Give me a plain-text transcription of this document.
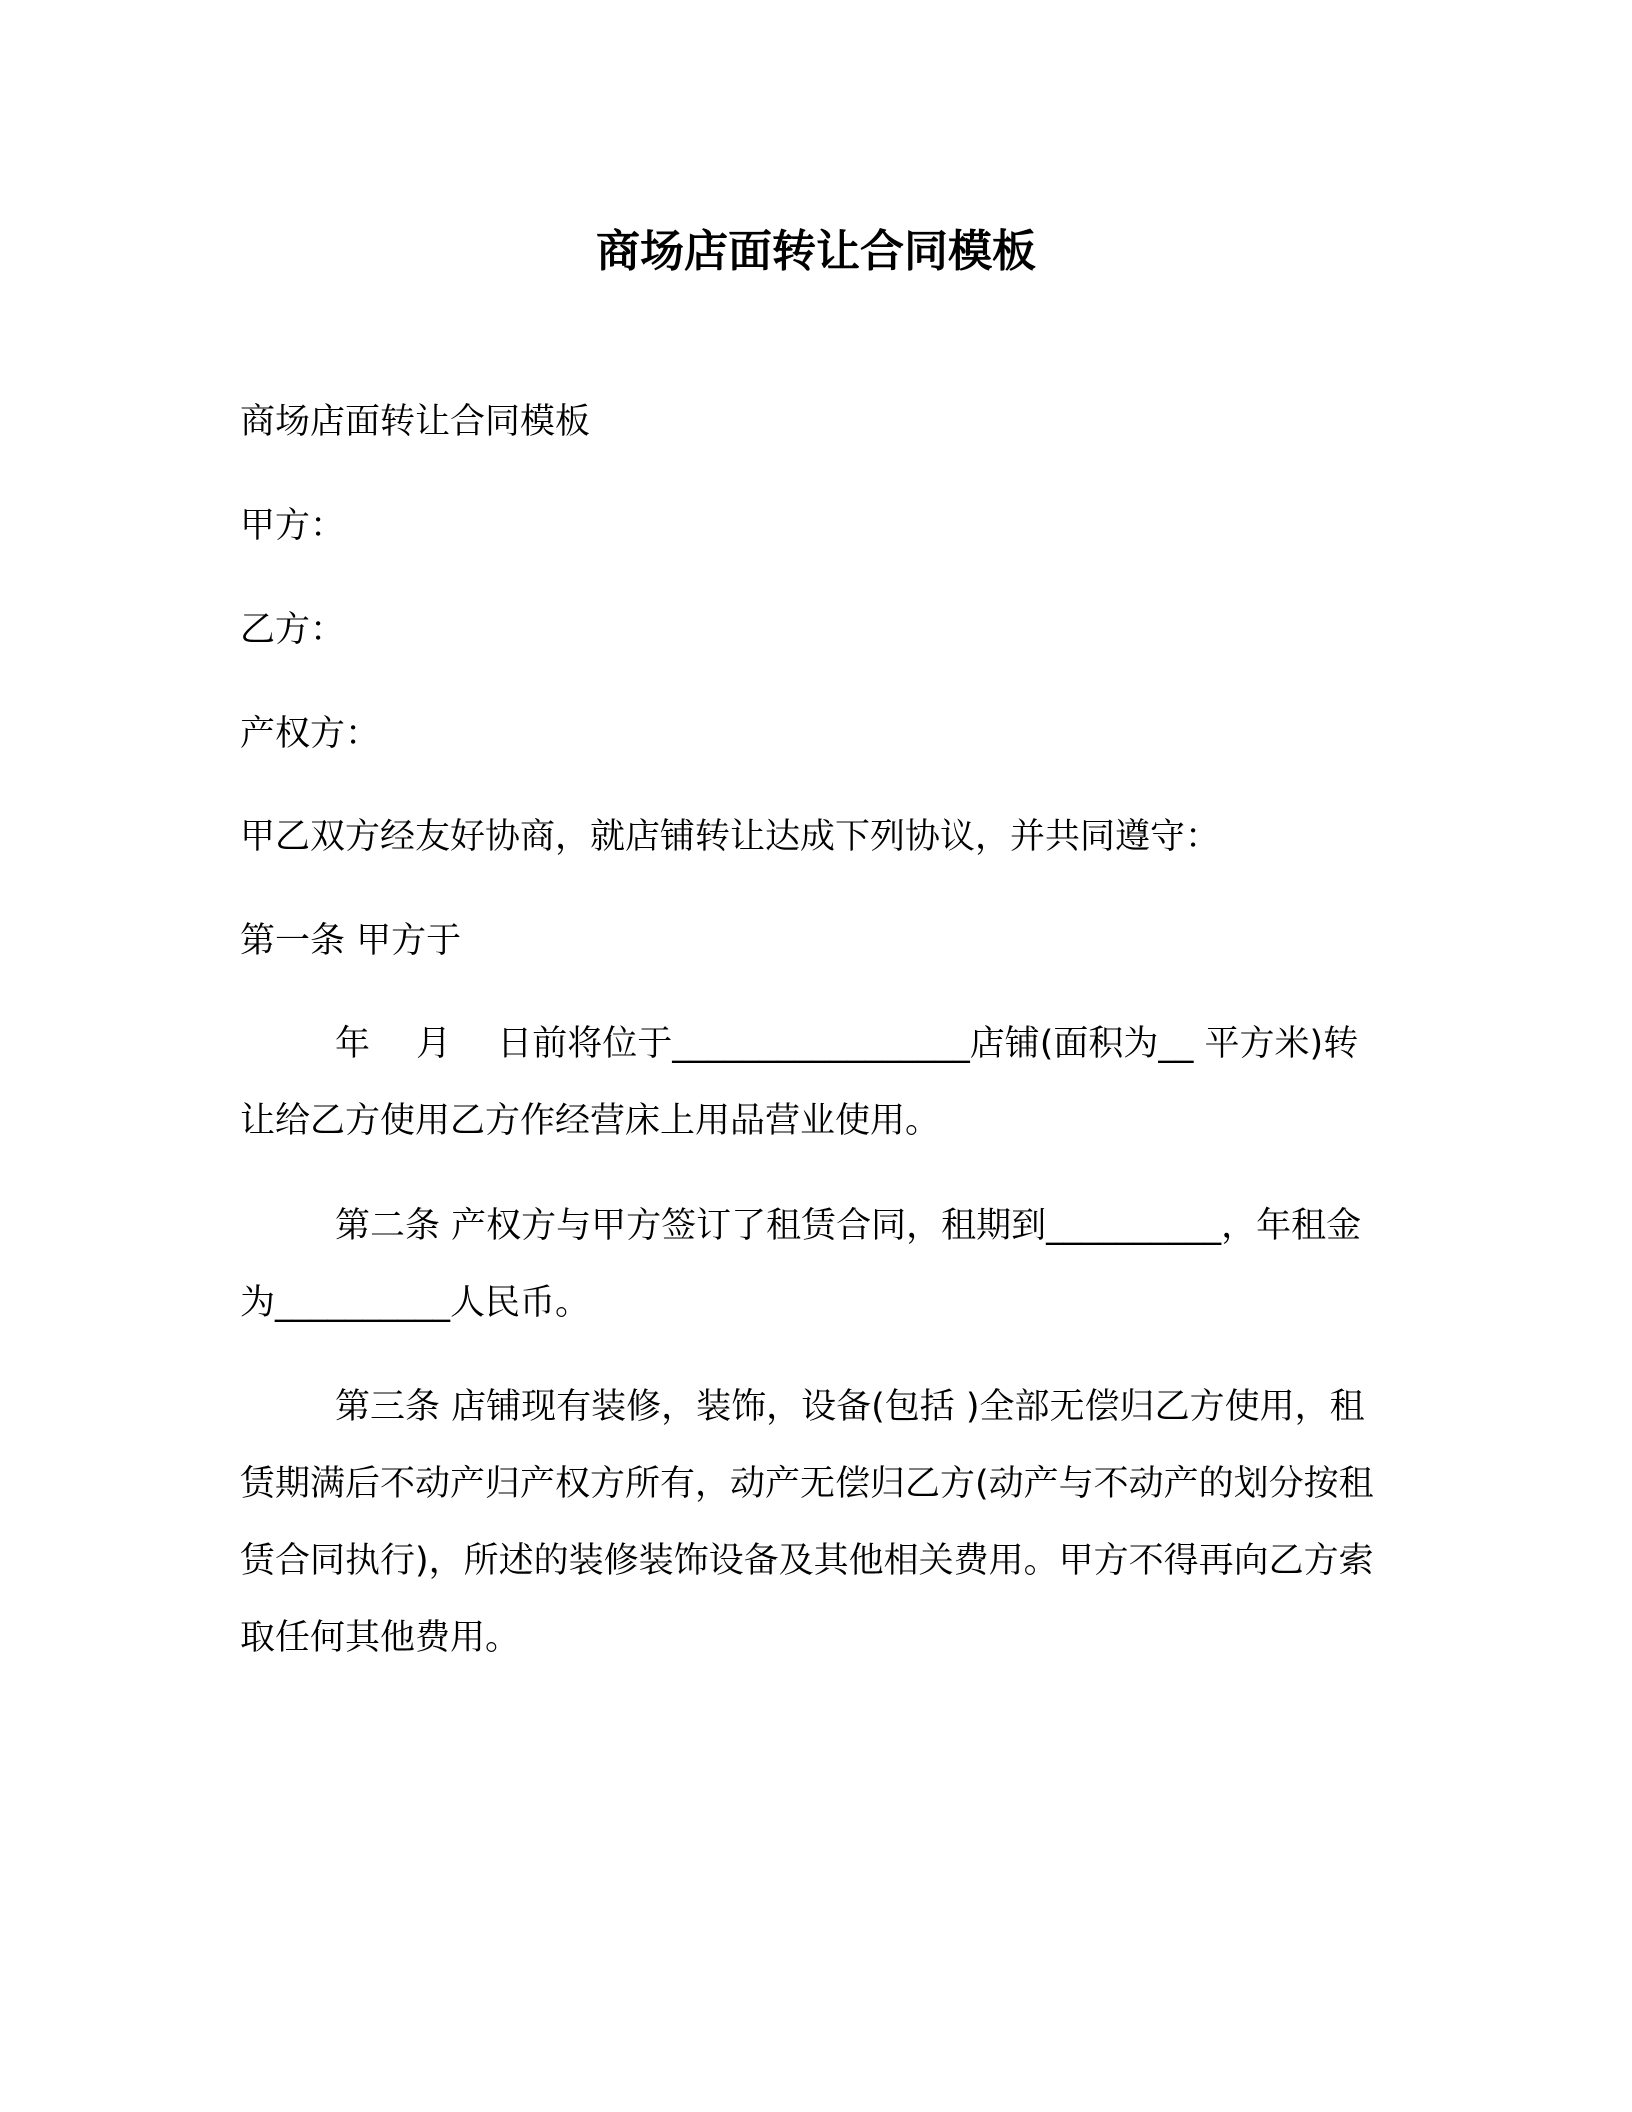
商场店面转让合同模板
商场店面转让合同模板
甲方：
乙方：
产权方：
甲乙双方经友好协商，就店铺转让达成下列协议，并共同遵守：
第一条 甲方于
年　 月　 日前将位于_________________店铺(面积为__ 平方米)转让给乙方使用乙方作经营床上用品营业使用。
第二条 产权方与甲方签订了租赁合同，租期到__________，年租金为__________人民币。
第三条 店铺现有装修，装饰，设备(包括 )全部无偿归乙方使用，租赁期满后不动产归产权方所有，动产无偿归乙方(动产与不动产的划分按租赁合同执行)，所述的装修装饰设备及其他相关费用。甲方不得再向乙方索取任何其他费用。
